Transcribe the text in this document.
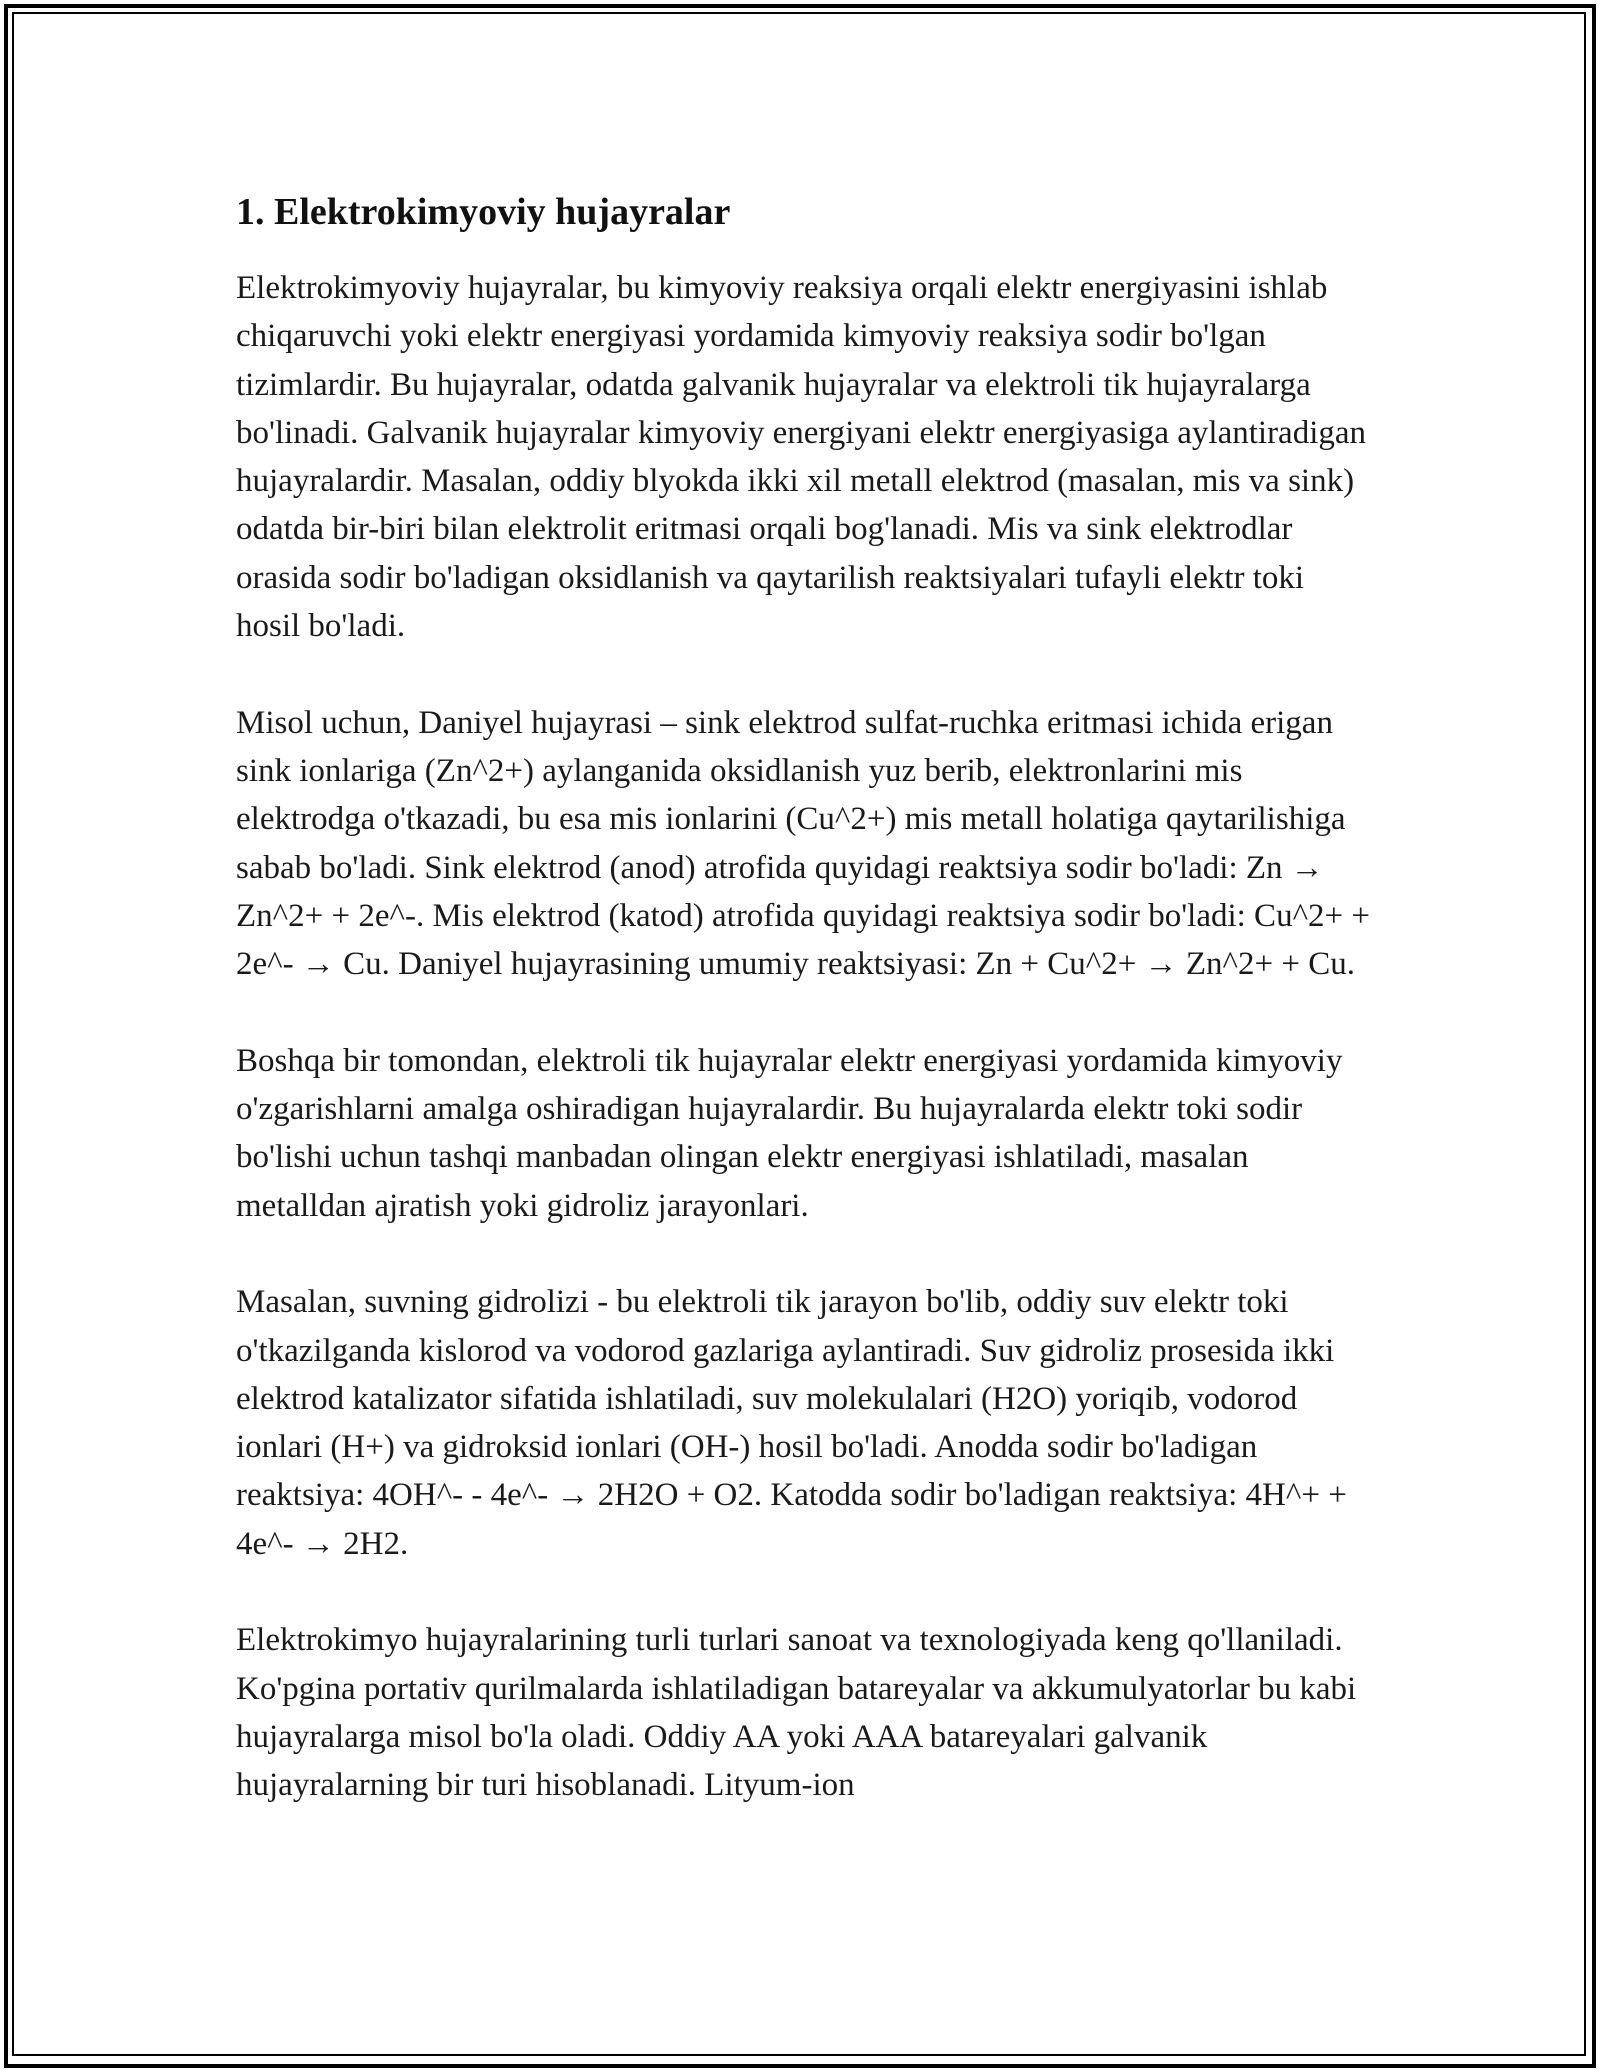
1. Elektrokimyoviy hujayralar

Elektrokimyoviy hujayralar, bu kimyoviy reaksiya orqali elektr energiyasini ishlab chiqaruvchi yoki elektr energiyasi yordamida kimyoviy reaksiya sodir bo'lgan tizimlardir. Bu hujayralar, odatda galvanik hujayralar va elektroli tik hujayralarga bo'linadi. Galvanik hujayralar kimyoviy energiyani elektr energiyasiga aylantiradigan hujayralardir. Masalan, oddiy blyokda ikki xil metall elektrod (masalan, mis va sink) odatda bir-biri bilan elektrolit eritmasi orqali bog'lanadi. Mis va sink elektrodlar orasida sodir bo'ladigan oksidlanish va qaytarilish reaktsiyalari tufayli elektr toki hosil bo'ladi.

Misol uchun, Daniyel hujayrasi – sink elektrod sulfat-ruchka eritmasi ichida erigan sink ionlariga (Zn^2+) aylanganida oksidlanish yuz berib, elektronlarini mis elektrodga o'tkazadi, bu esa mis ionlarini (Cu^2+) mis metall holatiga qaytarilishiga sabab bo'ladi. Sink elektrod (anod) atrofida quyidagi reaktsiya sodir bo'ladi: Zn → Zn^2+ + 2e^-. Mis elektrod (katod) atrofida quyidagi reaktsiya sodir bo'ladi: Cu^2+ + 2e^- → Cu. Daniyel hujayrasining umumiy reaktsiyasi: Zn + Cu^2+ → Zn^2+ + Cu.

Boshqa bir tomondan, elektroli tik hujayralar elektr energiyasi yordamida kimyoviy o'zgarishlarni amalga oshiradigan hujayralardir. Bu hujayralarda elektr toki sodir bo'lishi uchun tashqi manbadan olingan elektr energiyasi ishlatiladi, masalan metalldan ajratish yoki gidroliz jarayonlari.

Masalan, suvning gidrolizi - bu elektroli tik jarayon bo'lib, oddiy suv elektr toki o'tkazilganda kislorod va vodorod gazlariga aylantiradi. Suv gidroliz prosesida ikki elektrod katalizator sifatida ishlatiladi, suv molekulalari (H2O) yoriqib, vodorod ionlari (H+) va gidroksid ionlari (OH-) hosil bo'ladi. Anodda sodir bo'ladigan reaktsiya: 4OH^- - 4e^- → 2H2O + O2. Katodda sodir bo'ladigan reaktsiya: 4H^+ + 4e^- → 2H2.

Elektrokimyo hujayralarining turli turlari sanoat va texnologiyada keng qo'llaniladi. Ko'pgina portativ qurilmalarda ishlatiladigan batareyalar va akkumulyatorlar bu kabi hujayralarga misol bo'la oladi. Oddiy AA yoki AAA batareyalari galvanik hujayralarning bir turi hisoblanadi. Lityum-ion
